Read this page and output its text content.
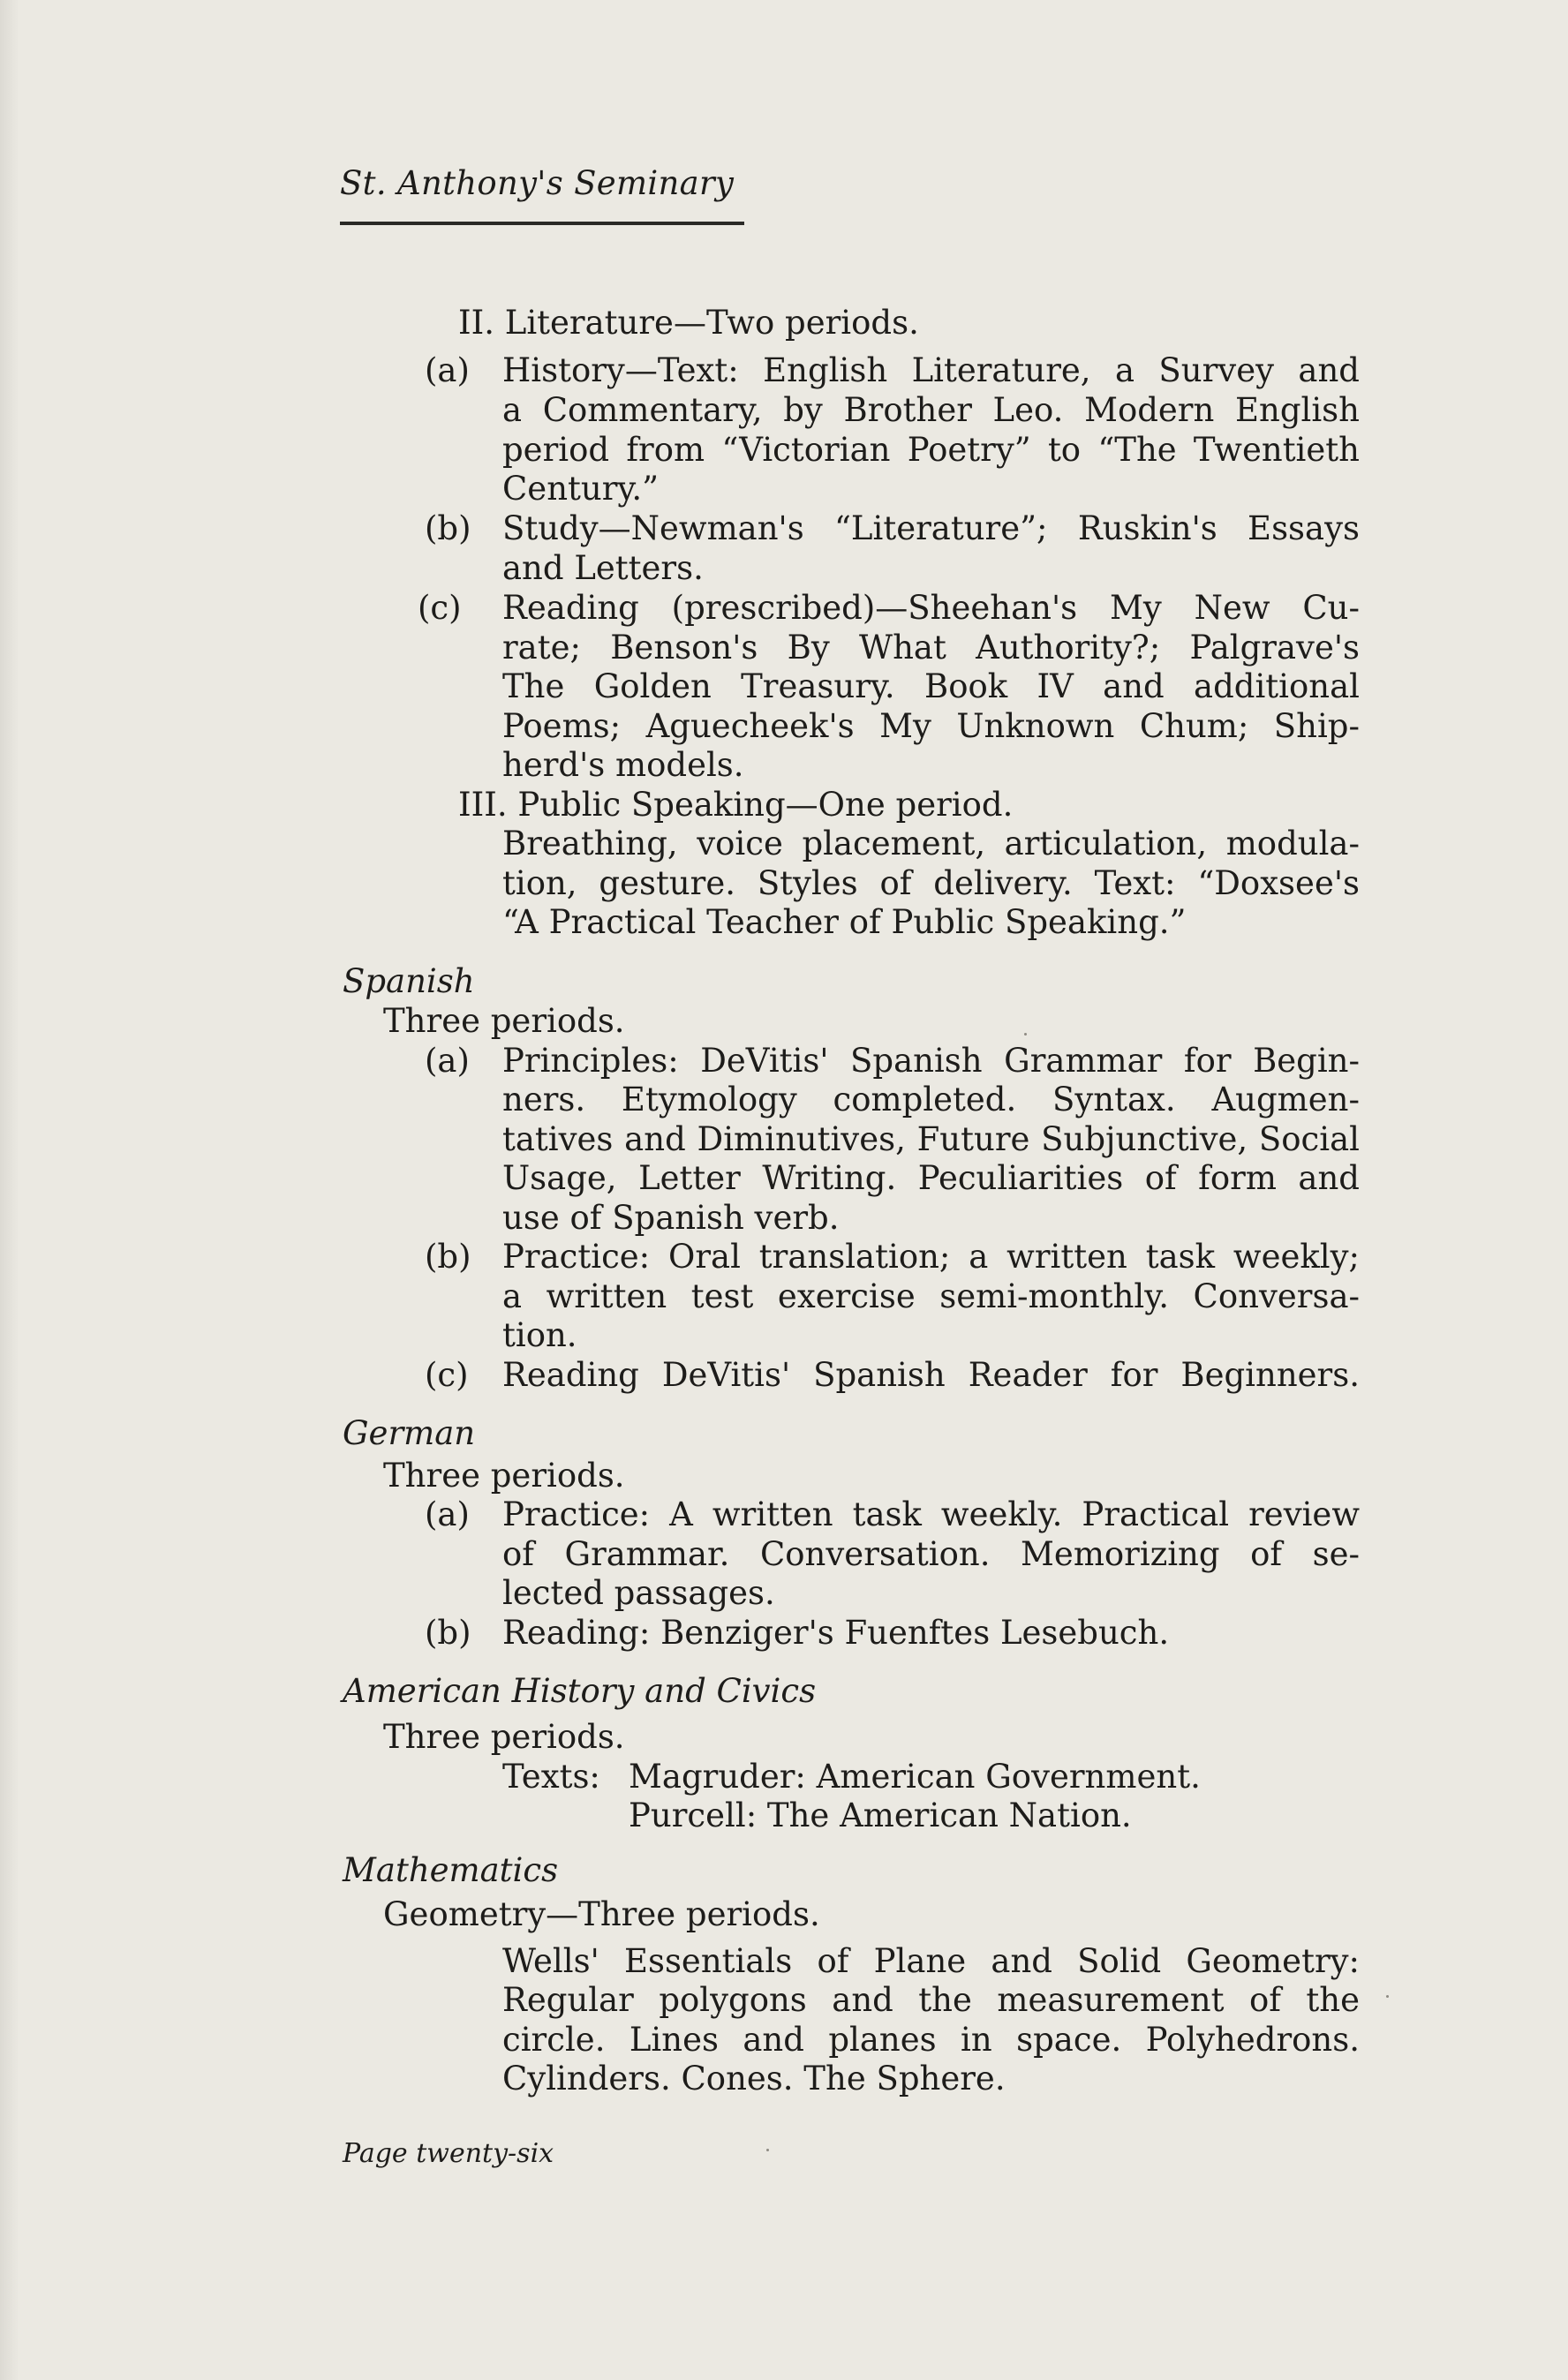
St. Anthony's Seminary
II. Literature—Two periods.
(a) History—Text: English Literature, a Survey and
a Commentary, by Brother Leo. Modern English
period from “Victorian Poetry” to “The Twentieth
Century.”
(b) Study—Newman's “Literature”; Ruskin's Essays
and Letters.
(c) Reading (prescribed)—Sheehan's My New Cu-
rate; Benson's By What Authority?; Palgrave's
The Golden Treasury. Book IV and additional
Poems; Aguecheek's My Unknown Chum; Ship-
herd's models.
III. Public Speaking—One period.
Breathing, voice placement, articulation, modula-
tion, gesture. Styles of delivery. Text: “Doxsee's
“A Practical Teacher of Public Speaking.”
Spanish
Three periods.
(a) Principles: DeVitis' Spanish Grammar for Begin-
ners. Etymology completed. Syntax. Augmen-
tatives and Diminutives, Future Subjunctive, Social
Usage, Letter Writing. Peculiarities of form and
use of Spanish verb.
(b) Practice: Oral translation; a written task weekly;
a written test exercise semi-monthly. Conversa-
tion.
(c) Reading DeVitis' Spanish Reader for Beginners.
German
Three periods.
(a) Practice: A written task weekly. Practical review
of Grammar. Conversation. Memorizing of se-
lected passages.
(b) Reading: Benziger's Fuenftes Lesebuch.
American History and Civics
Three periods.
Texts: Magruder: American Government.
Purcell: The American Nation.
Mathematics
Geometry—Three periods.
Wells' Essentials of Plane and Solid Geometry:
Regular polygons and the measurement of the
circle. Lines and planes in space. Polyhedrons.
Cylinders. Cones. The Sphere.
Page twenty-six
